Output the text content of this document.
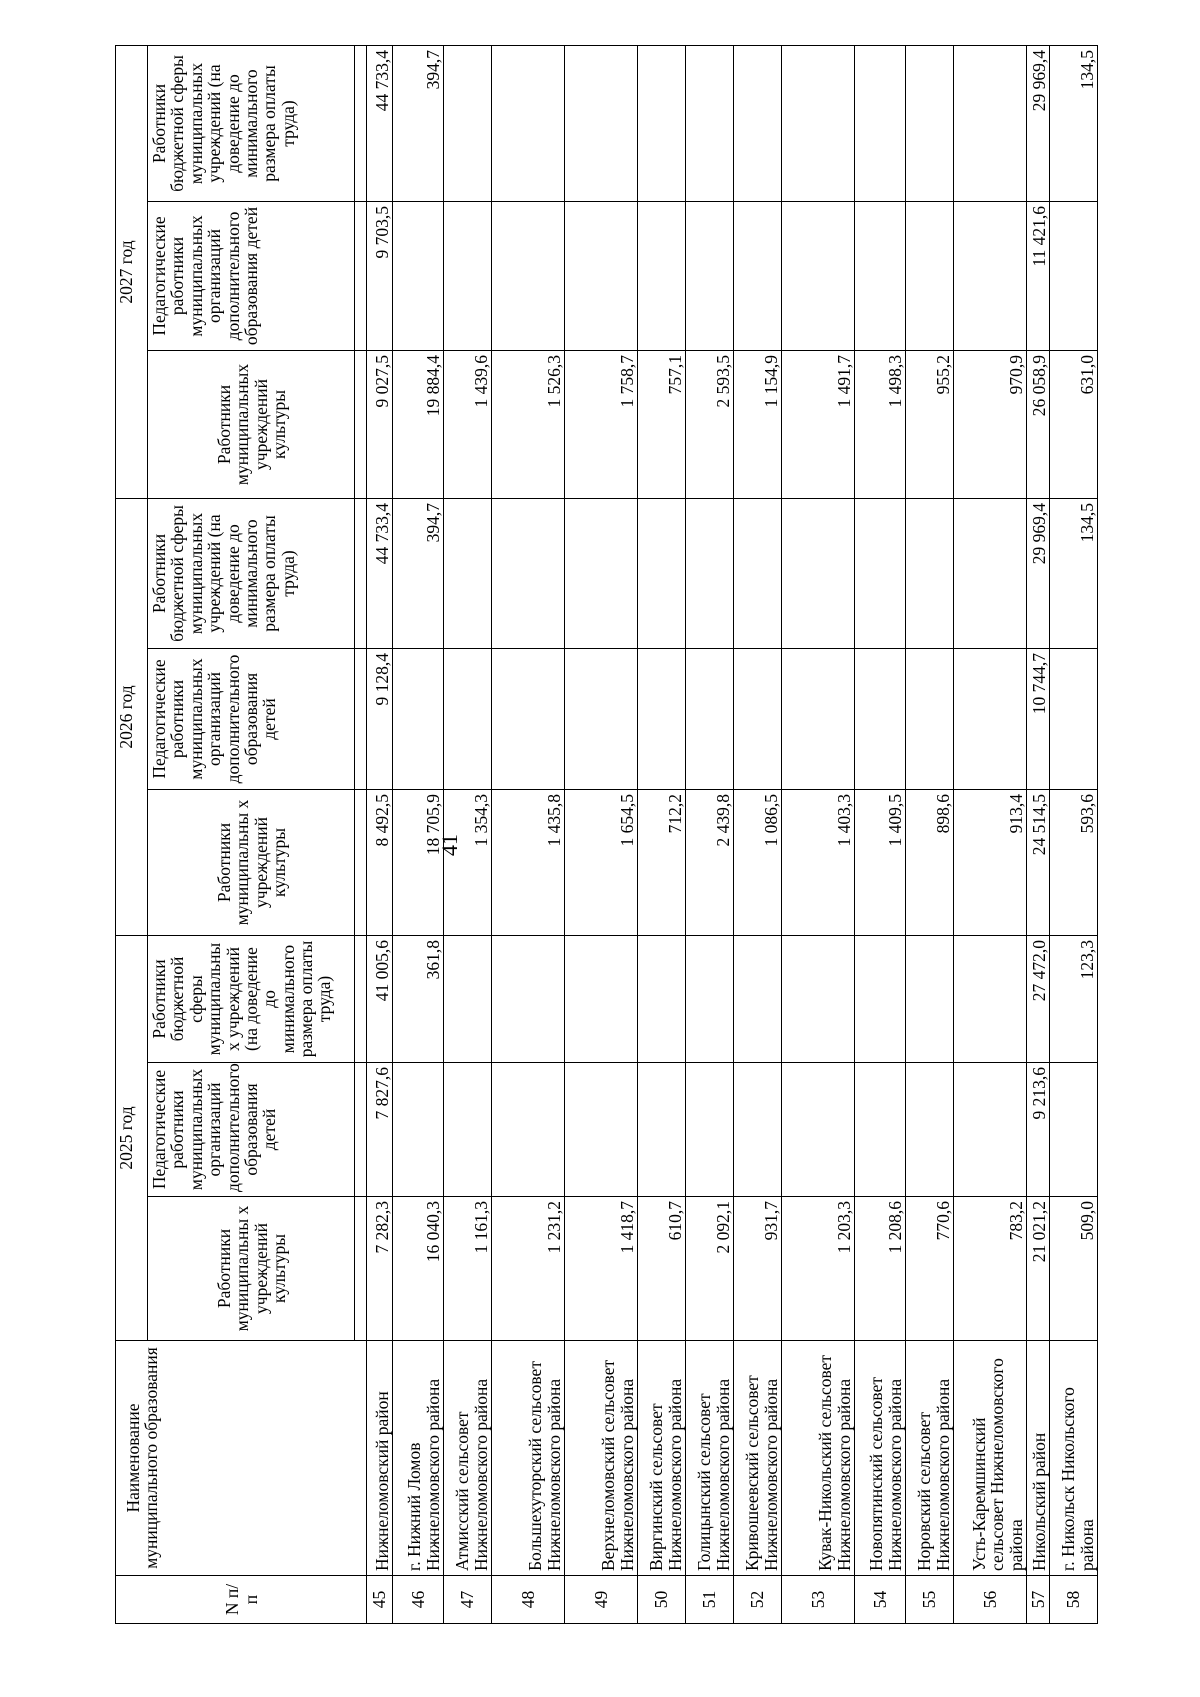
41
N п/п	Наименование муниципального образования	2025 год			2026 год			2027 год		
		Работники муниципальны х учреждений культуры	Педагогические работники муниципальных организаций дополнительного образования детей	Работники бюджетной сферы муниципальны х учреждений (на доведение до минимального размера оплаты труда)	Работники муниципальны х учреждений культуры	Педагогические работники муниципальных организаций дополнительного образования детей	Работники бюджетной сферы муниципальных учреждений (на доведение до минимального размера оплаты труда)	Работники муниципальных учреждений культуры	Педагогические работники муниципальных организаций дополнительного образования детей	Работники бюджетной сферы муниципальных учреждений (на доведение до минимального размера оплаты труда)

45	Нижнеломовский район	7 282,3	7 827,6	41 005,6	8 492,5	9 128,4	44 733,4	9 027,5	9 703,5	44 733,4
46	г. Нижний Ломов Нижнеломовского района	16 040,3		361,8	18 705,9		394,7	19 884,4		394,7
47	Атмисский сельсовет Нижнеломовского района	1 161,3			1 354,3			1 439,6		
48	Большехуторский сельсовет Нижнеломовского района	1 231,2			1 435,8			1 526,3		
49	Верхнеломовский сельсовет Нижнеломовского района	1 418,7			1 654,5			1 758,7		
50	Виргинский сельсовет Нижнеломовского района	610,7			712,2			757,1		
51	Голицынский сельсовет Нижнеломовского района	2 092,1			2 439,8			2 593,5		
52	Кривошеевский сельсовет Нижнеломовского района	931,7			1 086,5			1 154,9		
53	Кувак-Никольский сельсовет Нижнеломовского района	1 203,3			1 403,3			1 491,7		
54	Новопятинский сельсовет Нижнеломовского района	1 208,6			1 409,5			1 498,3		
55	Норовский сельсовет Нижнеломовского района	770,6			898,6			955,2		
56	Усть-Каремшинский сельсовет Нижнеломовского района	783,2			913,4			970,9		
57	Никольский район	21 021,2	9 213,6	27 472,0	24 514,5	10 744,7	29 969,4	26 058,9	11 421,6	29 969,4
58	г. Никольск Никольского района	509,0		123,3	593,6		134,5	631,0		134,5
